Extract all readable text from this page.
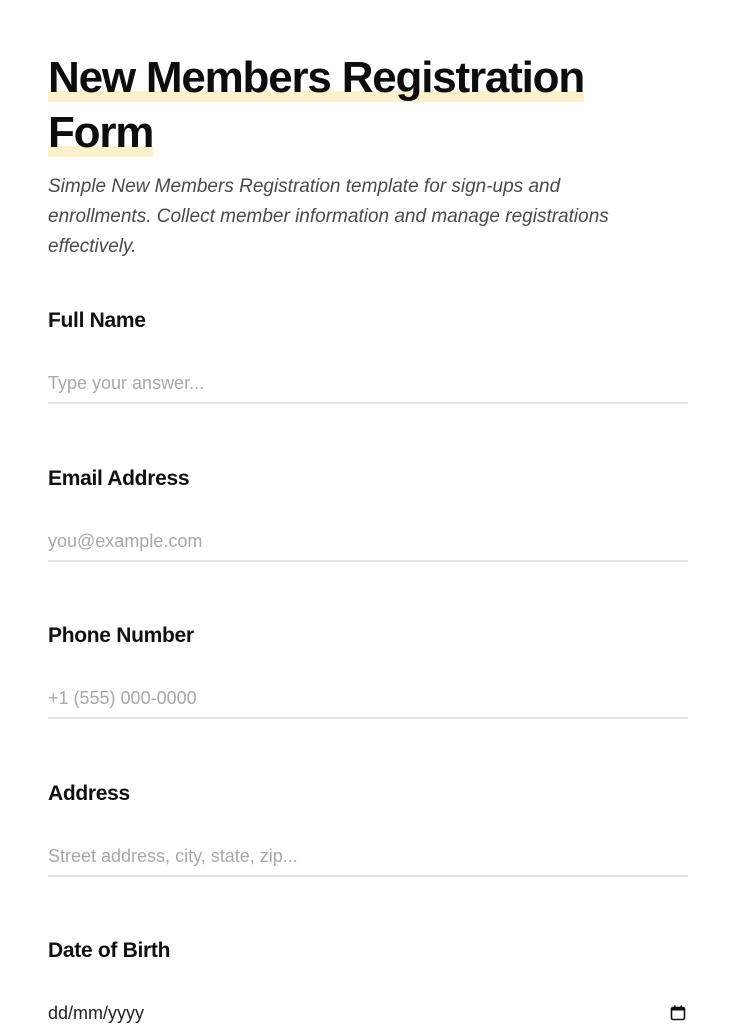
New Members Registration
Form

Simple New Members Registration template for sign-ups and enrollments. Collect member information and manage registrations effectively.

Full Name
Type your answer...
Email Address
you@example.com
Phone Number
+1 (555) 000-0000
Address
Street address, city, state, zip...
Date of Birth
dd/mm/yyyy
